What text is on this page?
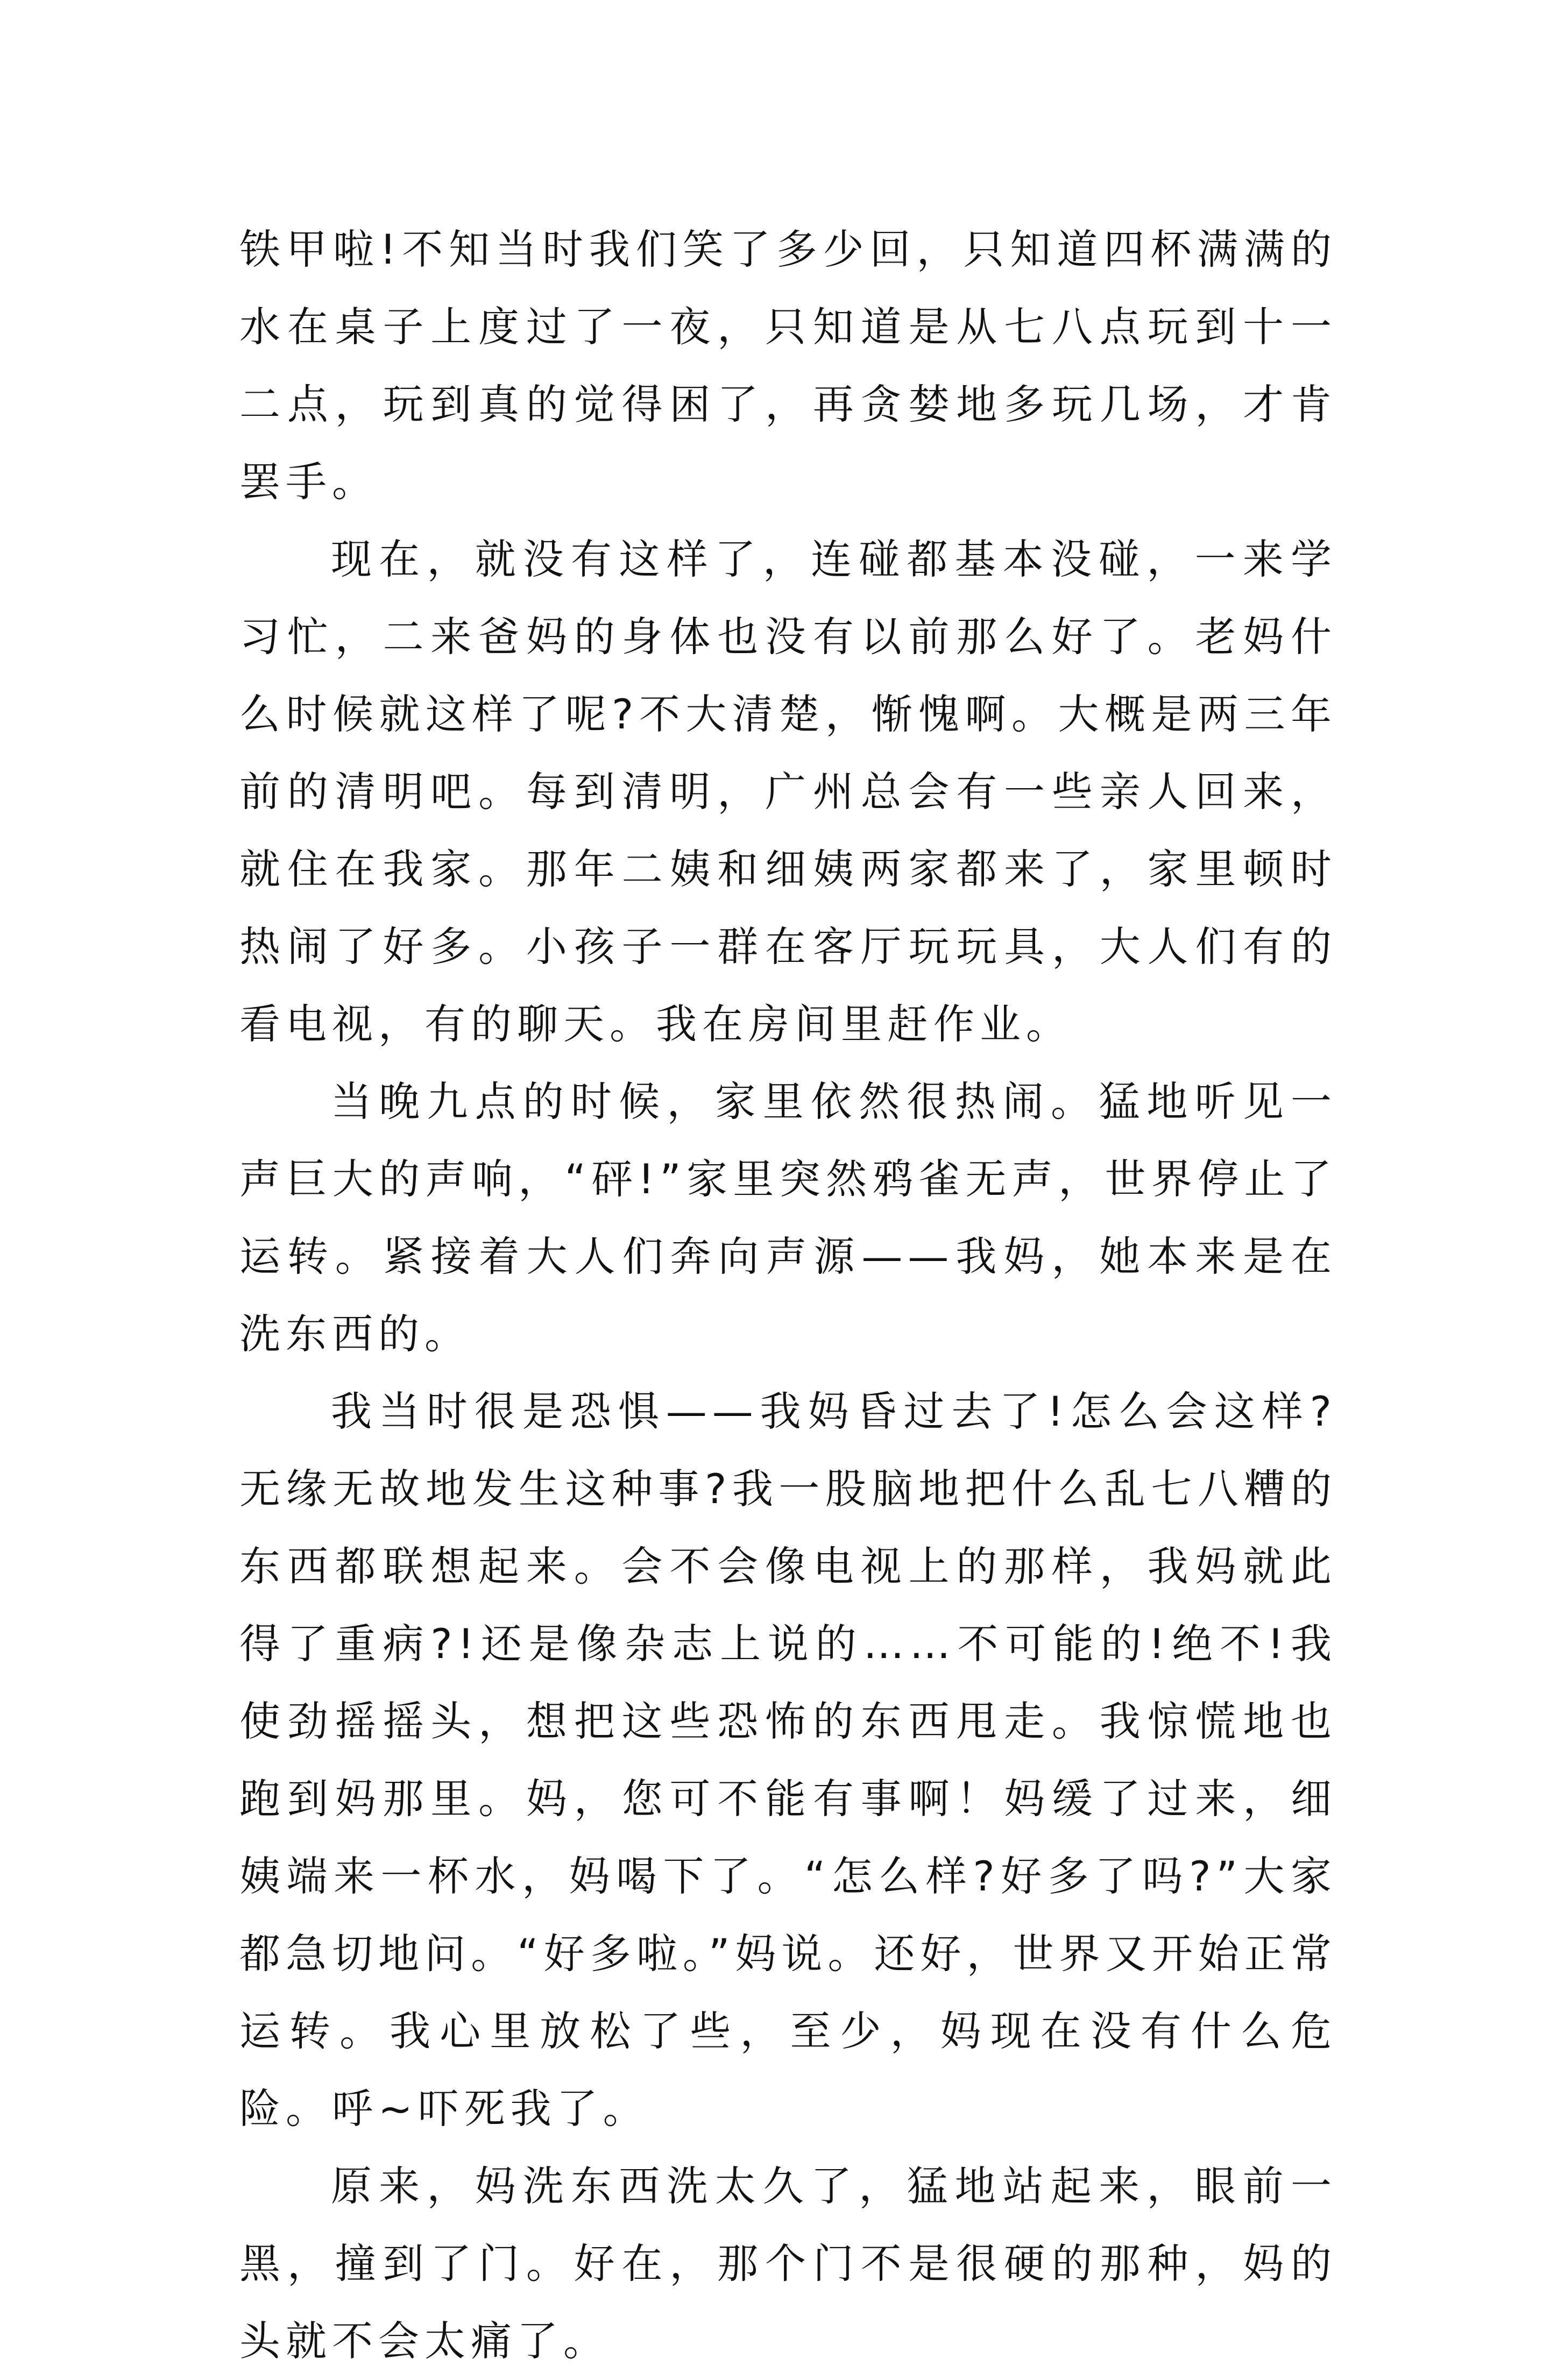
铁甲啦!不知当时我们笑了多少回，只知道四杯满满的水在桌子上度过了一夜，只知道是从七八点玩到十一二点，玩到真的觉得困了，再贪婪地多玩几场，才肯罢手。

现在，就没有这样了，连碰都基本没碰，一来学习忙，二来爸妈的身体也没有以前那么好了。老妈什么时候就这样了呢?不大清楚，惭愧啊。大概是两三年前的清明吧。每到清明，广州总会有一些亲人回来，就住在我家。那年二姨和细姨两家都来了，家里顿时热闹了好多。小孩子一群在客厅玩玩具，大人们有的看电视，有的聊天。我在房间里赶作业。

当晚九点的时候，家里依然很热闹。猛地听见一声巨大的声响，“砰!”家里突然鸦雀无声，世界停止了运转。紧接着大人们奔向声源——我妈，她本来是在洗东西的。

我当时很是恐惧——我妈昏过去了!怎么会这样?无缘无故地发生这种事?我一股脑地把什么乱七八糟的东西都联想起来。会不会像电视上的那样，我妈就此得了重病?!还是像杂志上说的……不可能的!绝不!我使劲摇摇头，想把这些恐怖的东西甩走。我惊慌地也跑到妈那里。妈，您可不能有事啊！妈缓了过来，细姨端来一杯水，妈喝下了。“怎么样?好多了吗?”大家都急切地问。“好多啦。”妈说。还好，世界又开始正常运转。我心里放松了些，至少，妈现在没有什么危险。呼~吓死我了。

原来，妈洗东西洗太久了，猛地站起来，眼前一黑，撞到了门。好在，那个门不是很硬的那种，妈的头就不会太痛了。
